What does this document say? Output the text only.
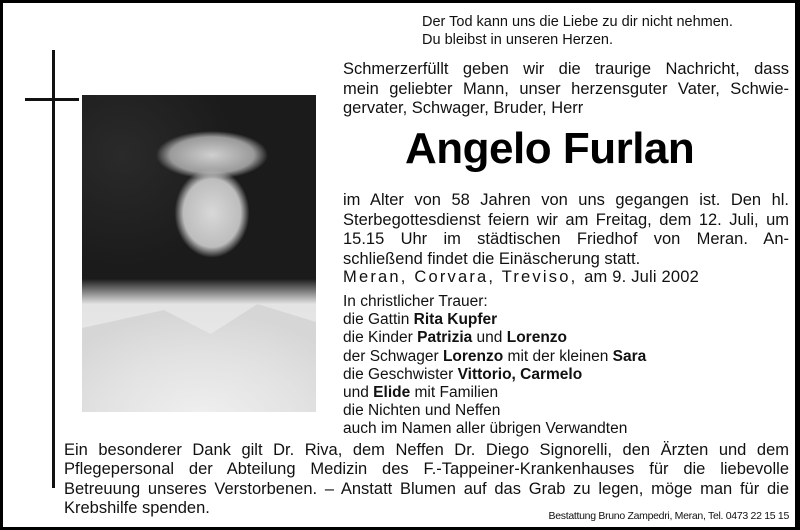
Der Tod kann uns die Liebe zu dir nicht nehmen.
Du bleibst in unseren Herzen.
Schmerzerfüllt geben wir die traurige Nachricht, dass
mein geliebter Mann, unser herzensguter Vater, Schwie-
gervater, Schwager, Bruder, Herr
Angelo Furlan
im Alter von 58 Jahren von uns gegangen ist. Den hl.
Sterbegottesdienst feiern wir am Freitag, dem 12. Juli, um
15.15 Uhr im städtischen Friedhof von Meran. An-
schließend findet die Einäscherung statt.
Meran, Corvara, Treviso, am 9. Juli 2002
In christlicher Trauer:
die Gattin Rita Kupfer
die Kinder Patrizia und Lorenzo
der Schwager Lorenzo mit der kleinen Sara
die Geschwister Vittorio, Carmelo
und Elide mit Familien
die Nichten und Neffen
auch im Namen aller übrigen Verwandten
Ein besonderer Dank gilt Dr. Riva, dem Neffen Dr. Diego Signorelli, den Ärzten und dem
Pflegepersonal der Abteilung Medizin des F.-Tappeiner-Krankenhauses für die liebevolle
Betreuung unseres Verstorbenen. – Anstatt Blumen auf das Grab zu legen, möge man für die
Krebshilfe spenden.	Bestattung Bruno Zampedri, Meran, Tel. 0473 22 15 15
